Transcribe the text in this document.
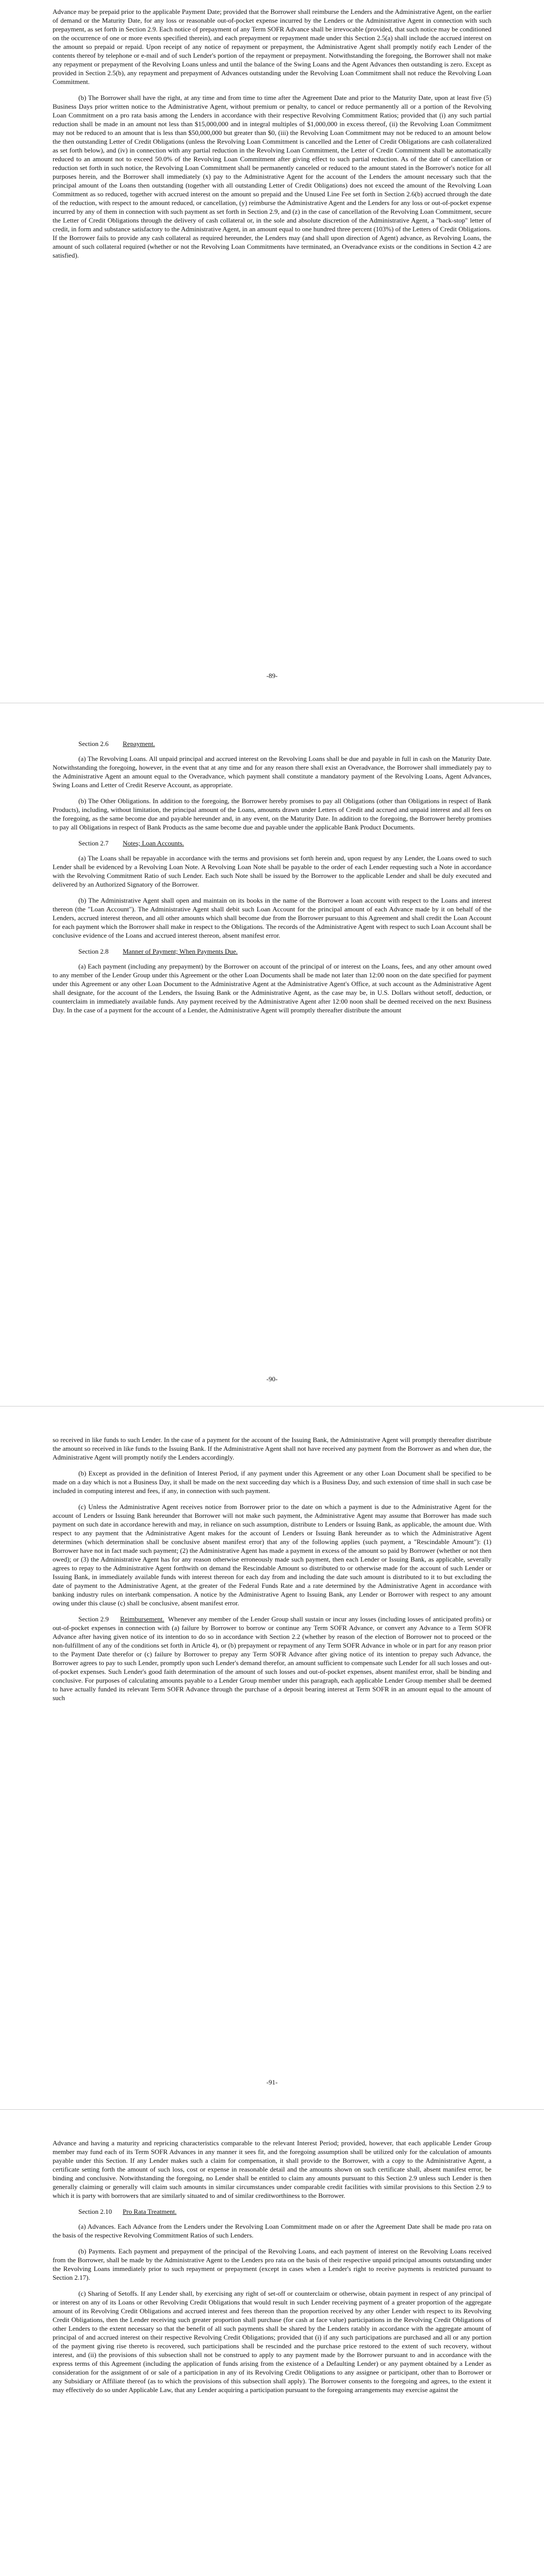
Advance may be prepaid prior to the applicable Payment Date; provided that the Borrower shall reimburse the Lenders and the Administrative Agent, on the earlier of demand or the Maturity Date, for any loss or reasonable out-of-pocket expense incurred by the Lenders or the Administrative Agent in connection with such prepayment, as set forth in Section 2.9. Each notice of prepayment of any Term SOFR Advance shall be irrevocable (provided, that such notice may be conditioned on the occurrence of one or more events specified therein), and each prepayment or repayment made under this Section 2.5(a) shall include the accrued interest on the amount so prepaid or repaid. Upon receipt of any notice of repayment or prepayment, the Administrative Agent shall promptly notify each Lender of the contents thereof by telephone or e-mail and of such Lender's portion of the repayment or prepayment. Notwithstanding the foregoing, the Borrower shall not make any repayment or prepayment of the Revolving Loans unless and until the balance of the Swing Loans and the Agent Advances then outstanding is zero. Except as provided in Section 2.5(b), any repayment and prepayment of Advances outstanding under the Revolving Loan Commitment shall not reduce the Revolving Loan Commitment.

(b) The Borrower shall have the right, at any time and from time to time after the Agreement Date and prior to the Maturity Date, upon at least five (5) Business Days prior written notice to the Administrative Agent, without premium or penalty, to cancel or reduce permanently all or a portion of the Revolving Loan Commitment on a pro rata basis among the Lenders in accordance with their respective Revolving Commitment Ratios; provided that (i) any such partial reduction shall be made in an amount not less than $15,000,000 and in integral multiples of $1,000,000 in excess thereof, (ii) the Revolving Loan Commitment may not be reduced to an amount that is less than $50,000,000 but greater than $0, (iii) the Revolving Loan Commitment may not be reduced to an amount below the then outstanding Letter of Credit Obligations (unless the Revolving Loan Commitment is cancelled and the Letter of Credit Obligations are cash collateralized as set forth below), and (iv) in connection with any partial reduction in the Revolving Loan Commitment, the Letter of Credit Commitment shall be automatically reduced to an amount not to exceed 50.0% of the Revolving Loan Commitment after giving effect to such partial reduction. As of the date of cancellation or reduction set forth in such notice, the Revolving Loan Commitment shall be permanently canceled or reduced to the amount stated in the Borrower's notice for all purposes herein, and the Borrower shall immediately (x) pay to the Administrative Agent for the account of the Lenders the amount necessary such that the principal amount of the Loans then outstanding (together with all outstanding Letter of Credit Obligations) does not exceed the amount of the Revolving Loan Commitment as so reduced, together with accrued interest on the amount so prepaid and the Unused Line Fee set forth in Section 2.6(b) accrued through the date of the reduction, with respect to the amount reduced, or cancellation, (y) reimburse the Administrative Agent and the Lenders for any loss or out-of-pocket expense incurred by any of them in connection with such payment as set forth in Section 2.9, and (z) in the case of cancellation of the Revolving Loan Commitment, secure the Letter of Credit Obligations through the delivery of cash collateral or, in the sole and absolute discretion of the Administrative Agent, a "back-stop" letter of credit, in form and substance satisfactory to the Administrative Agent, in an amount equal to one hundred three percent (103%) of the Letters of Credit Obligations. If the Borrower fails to provide any cash collateral as required hereunder, the Lenders may (and shall upon direction of Agent) advance, as Revolving Loans, the amount of such collateral required (whether or not the Revolving Loan Commitments have terminated, an Overadvance exists or the conditions in Section 4.2 are satisfied).

-89-
Section 2.6 Repayment.

(a) The Revolving Loans. All unpaid principal and accrued interest on the Revolving Loans shall be due and payable in full in cash on the Maturity Date. Notwithstanding the foregoing, however, in the event that at any time and for any reason there shall exist an Overadvance, the Borrower shall immediately pay to the Administrative Agent an amount equal to the Overadvance, which payment shall constitute a mandatory payment of the Revolving Loans, Agent Advances, Swing Loans and Letter of Credit Reserve Account, as appropriate.

(b) The Other Obligations. In addition to the foregoing, the Borrower hereby promises to pay all Obligations (other than Obligations in respect of Bank Products), including, without limitation, the principal amount of the Loans, amounts drawn under Letters of Credit and accrued and unpaid interest and all fees on the foregoing, as the same become due and payable hereunder and, in any event, on the Maturity Date. In addition to the foregoing, the Borrower hereby promises to pay all Obligations in respect of Bank Products as the same become due and payable under the applicable Bank Product Documents.

Section 2.7 Notes; Loan Accounts.

(a) The Loans shall be repayable in accordance with the terms and provisions set forth herein and, upon request by any Lender, the Loans owed to such Lender shall be evidenced by a Revolving Loan Note. A Revolving Loan Note shall be payable to the order of each Lender requesting such a Note in accordance with the Revolving Commitment Ratio of such Lender. Each such Note shall be issued by the Borrower to the applicable Lender and shall be duly executed and delivered by an Authorized Signatory of the Borrower.

(b) The Administrative Agent shall open and maintain on its books in the name of the Borrower a loan account with respect to the Loans and interest thereon (the "Loan Account"). The Administrative Agent shall debit such Loan Account for the principal amount of each Advance made by it on behalf of the Lenders, accrued interest thereon, and all other amounts which shall become due from the Borrower pursuant to this Agreement and shall credit the Loan Account for each payment which the Borrower shall make in respect to the Obligations. The records of the Administrative Agent with respect to such Loan Account shall be conclusive evidence of the Loans and accrued interest thereon, absent manifest error.

Section 2.8 Manner of Payment; When Payments Due.

(a) Each payment (including any prepayment) by the Borrower on account of the principal of or interest on the Loans, fees, and any other amount owed to any member of the Lender Group under this Agreement or the other Loan Documents shall be made not later than 12:00 noon on the date specified for payment under this Agreement or any other Loan Document to the Administrative Agent at the Administrative Agent's Office, at such account as the Administrative Agent shall designate, for the account of the Lenders, the Issuing Bank or the Administrative Agent, as the case may be, in U.S. Dollars without setoff, deduction, or counterclaim in immediately available funds. Any payment received by the Administrative Agent after 12:00 noon shall be deemed received on the next Business Day. In the case of a payment for the account of a Lender, the Administrative Agent will promptly thereafter distribute the amount

-90-

so received in like funds to such Lender. In the case of a payment for the account of the Issuing Bank, the Administrative Agent will promptly thereafter distribute the amount so received in like funds to the Issuing Bank. If the Administrative Agent shall not have received any payment from the Borrower as and when due, the Administrative Agent will promptly notify the Lenders accordingly.

(b) Except as provided in the definition of Interest Period, if any payment under this Agreement or any other Loan Document shall be specified to be made on a day which is not a Business Day, it shall be made on the next succeeding day which is a Business Day, and such extension of time shall in such case be included in computing interest and fees, if any, in connection with such payment.

(c) Unless the Administrative Agent receives notice from Borrower prior to the date on which a payment is due to the Administrative Agent for the account of Lenders or Issuing Bank hereunder that Borrower will not make such payment, the Administrative Agent may assume that Borrower has made such payment on such date in accordance herewith and may, in reliance on such assumption, distribute to Lenders or Issuing Bank, as applicable, the amount due. With respect to any payment that the Administrative Agent makes for the account of Lenders or Issuing Bank hereunder as to which the Administrative Agent determines (which determination shall be conclusive absent manifest error) that any of the following applies (such payment, a "Rescindable Amount"): (1) Borrower have not in fact made such payment; (2) the Administrative Agent has made a payment in excess of the amount so paid by Borrower (whether or not then owed); or (3) the Administrative Agent has for any reason otherwise erroneously made such payment, then each Lender or Issuing Bank, as applicable, severally agrees to repay to the Administrative Agent forthwith on demand the Rescindable Amount so distributed to or otherwise made for the account of such Lender or Issuing Bank, in immediately available funds with interest thereon for each day from and including the date such amount is distributed to it to but excluding the date of payment to the Administrative Agent, at the greater of the Federal Funds Rate and a rate determined by the Administrative Agent in accordance with banking industry rules on interbank compensation. A notice by the Administrative Agent to Issuing Bank, any Lender or Borrower with respect to any amount owing under this clause (c) shall be conclusive, absent manifest error.

Section 2.9 Reimbursement. Whenever any member of the Lender Group shall sustain or incur any losses (including losses of anticipated profits) or out-of-pocket expenses in connection with (a) failure by Borrower to borrow or continue any Term SOFR Advance, or convert any Advance to a Term SOFR Advance after having given notice of its intention to do so in accordance with Section 2.2 (whether by reason of the election of Borrower not to proceed or the non-fulfillment of any of the conditions set forth in Article 4), or (b) prepayment or repayment of any Term SOFR Advance in whole or in part for any reason prior to the Payment Date therefor or (c) failure by Borrower to prepay any Term SOFR Advance after giving notice of its intention to prepay such Advance, the Borrower agrees to pay to such Lender, promptly upon such Lender's demand therefor, an amount sufficient to compensate such Lender for all such losses and out-of-pocket expenses. Such Lender's good faith determination of the amount of such losses and out-of-pocket expenses, absent manifest error, shall be binding and conclusive. For purposes of calculating amounts payable to a Lender Group member under this paragraph, each applicable Lender Group member shall be deemed to have actually funded its relevant Term SOFR Advance through the purchase of a deposit bearing interest at Term SOFR in an amount equal to the amount of such

-91-

Advance and having a maturity and repricing characteristics comparable to the relevant Interest Period; provided, however, that each applicable Lender Group member may fund each of its Term SOFR Advances in any manner it sees fit, and the foregoing assumption shall be utilized only for the calculation of amounts payable under this Section. If any Lender makes such a claim for compensation, it shall provide to the Borrower, with a copy to the Administrative Agent, a certificate setting forth the amount of such loss, cost or expense in reasonable detail and the amounts shown on such certificate shall, absent manifest error, be binding and conclusive. Notwithstanding the foregoing, no Lender shall be entitled to claim any amounts pursuant to this Section 2.9 unless such Lender is then generally claiming or generally will claim such amounts in similar circumstances under comparable credit facilities with similar provisions to this Section 2.9 to which it is party with borrowers that are similarly situated to and of similar creditworthiness to the Borrower.

Section 2.10 Pro Rata Treatment.

(a) Advances. Each Advance from the Lenders under the Revolving Loan Commitment made on or after the Agreement Date shall be made pro rata on the basis of the respective Revolving Commitment Ratios of such Lenders.

(b) Payments. Each payment and prepayment of the principal of the Revolving Loans, and each payment of interest on the Revolving Loans received from the Borrower, shall be made by the Administrative Agent to the Lenders pro rata on the basis of their respective unpaid principal amounts outstanding under the Revolving Loans immediately prior to such repayment or prepayment (except in cases when a Lender's right to receive payments is restricted pursuant to Section 2.17).

(c) Sharing of Setoffs. If any Lender shall, by exercising any right of set-off or counterclaim or otherwise, obtain payment in respect of any principal of or interest on any of its Loans or other Revolving Credit Obligations that would result in such Lender receiving payment of a greater proportion of the aggregate amount of its Revolving Credit Obligations and accrued interest and fees thereon than the proportion received by any other Lender with respect to its Revolving Credit Obligations, then the Lender receiving such greater proportion shall purchase (for cash at face value) participations in the Revolving Credit Obligations of other Lenders to the extent necessary so that the benefit of all such payments shall be shared by the Lenders ratably in accordance with the aggregate amount of principal of and accrued interest on their respective Revolving Credit Obligations; provided that (i) if any such participations are purchased and all or any portion of the payment giving rise thereto is recovered, such participations shall be rescinded and the purchase price restored to the extent of such recovery, without interest, and (ii) the provisions of this subsection shall not be construed to apply to any payment made by the Borrower pursuant to and in accordance with the express terms of this Agreement (including the application of funds arising from the existence of a Defaulting Lender) or any payment obtained by a Lender as consideration for the assignment of or sale of a participation in any of its Revolving Credit Obligations to any assignee or participant, other than to Borrower or any Subsidiary or Affiliate thereof (as to which the provisions of this subsection shall apply). The Borrower consents to the foregoing and agrees, to the extent it may effectively do so under Applicable Law, that any Lender acquiring a participation pursuant to the foregoing arrangements may exercise against the
